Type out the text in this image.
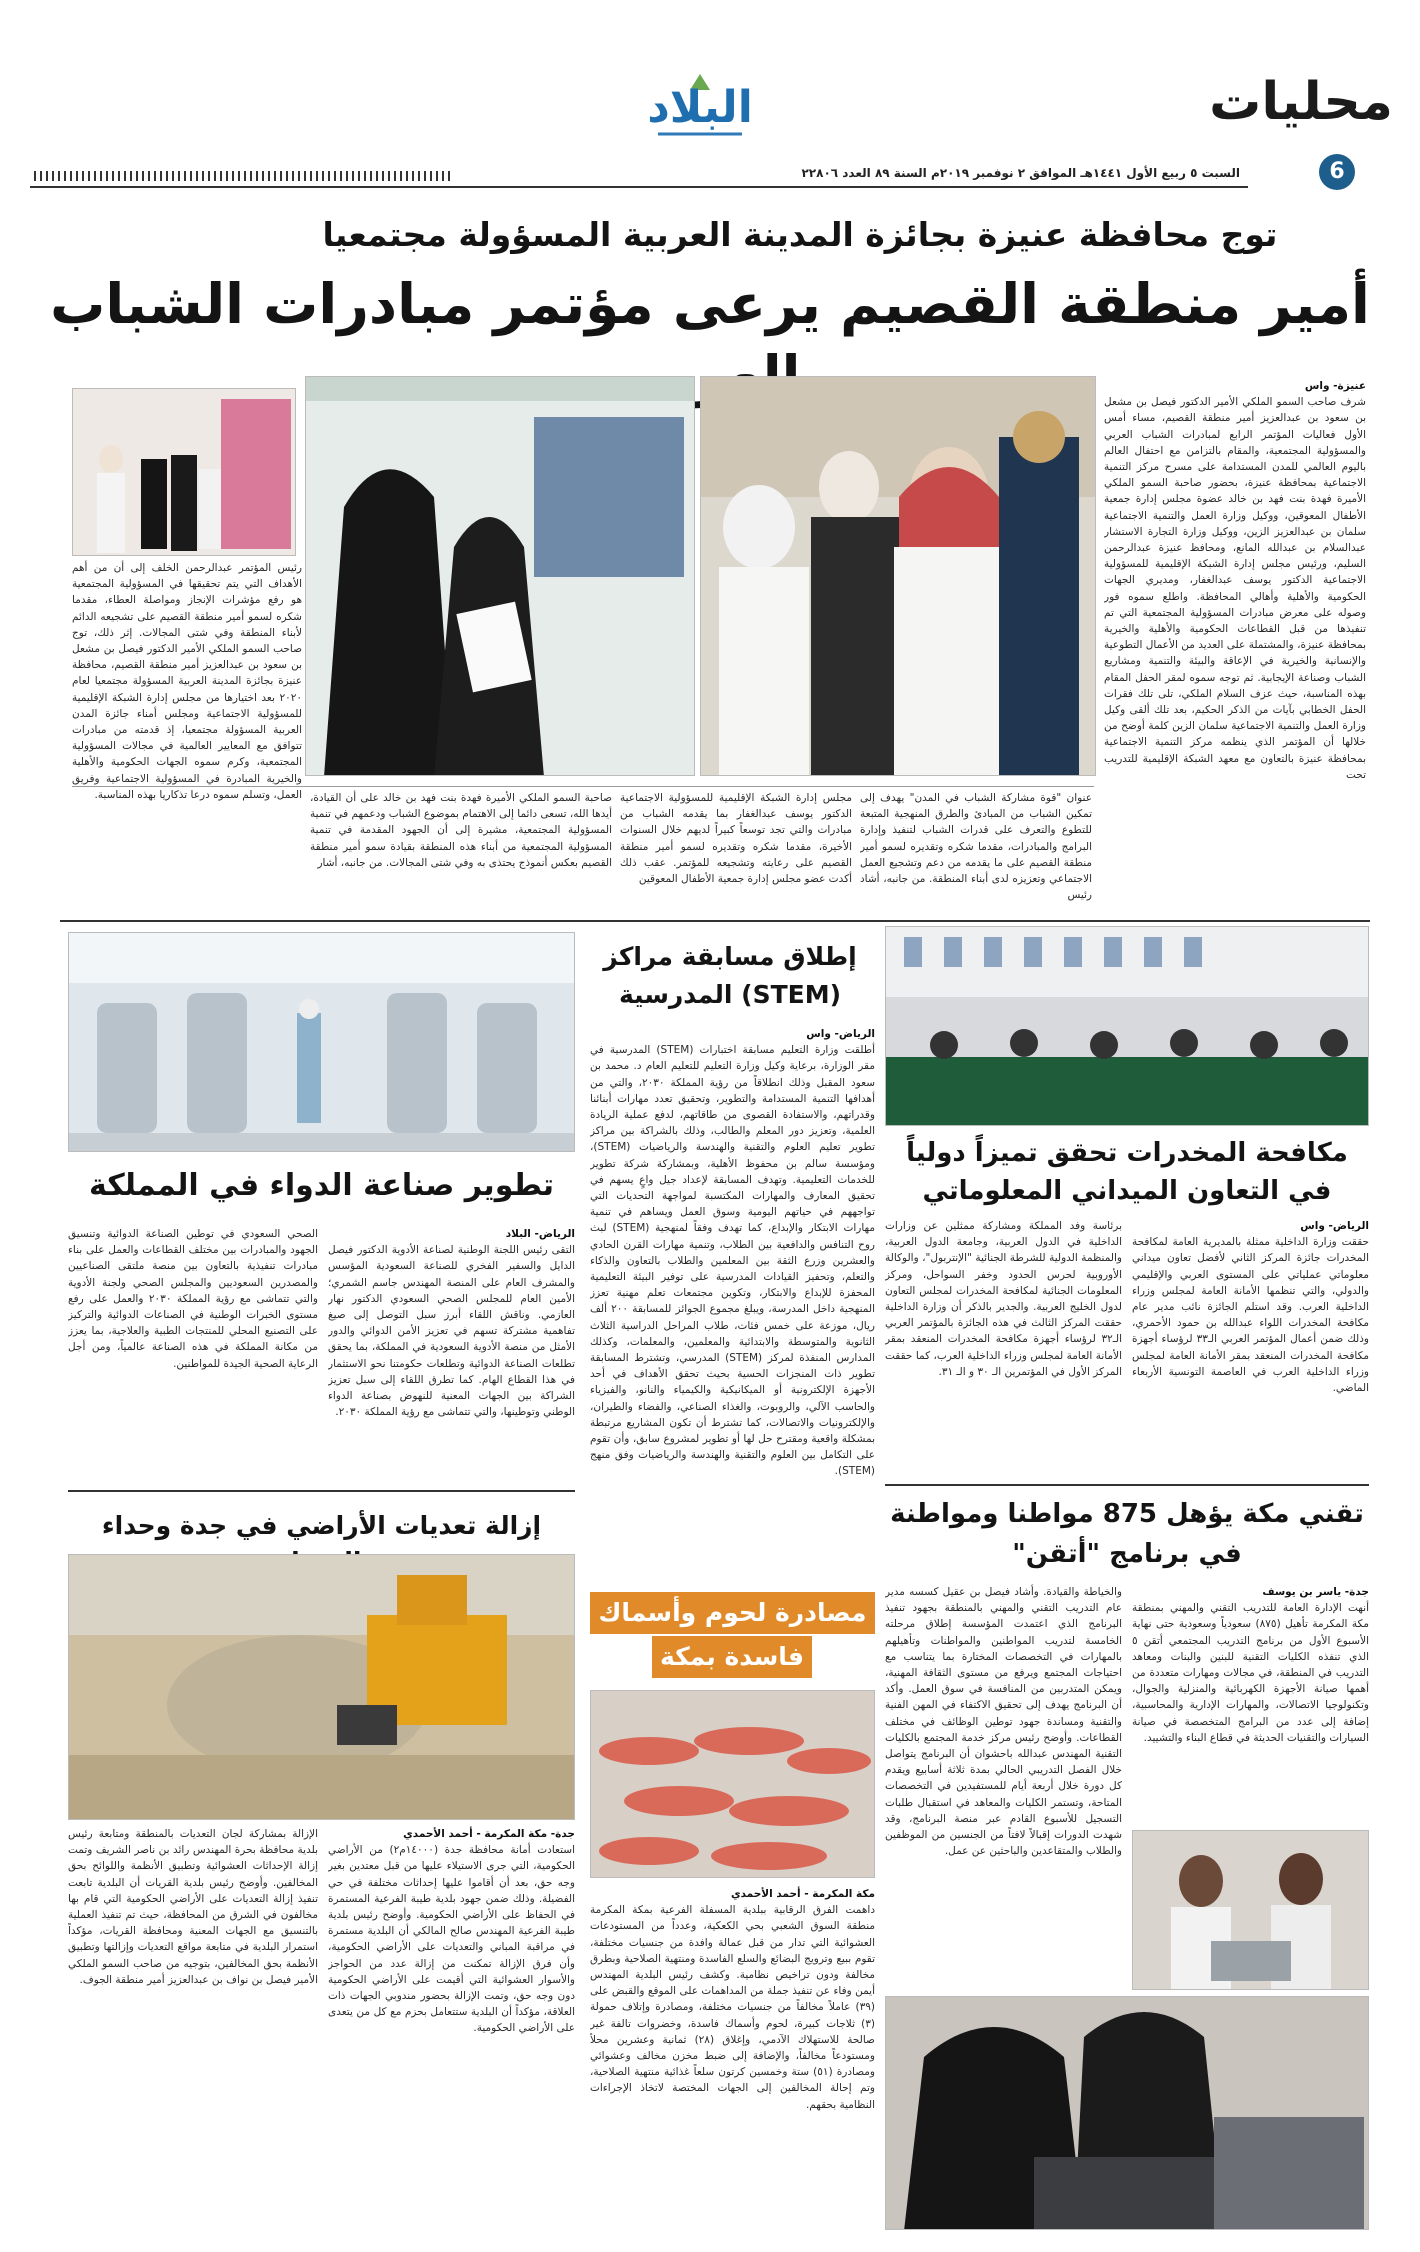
محليات
6
البلاد
السبت ٥ ربيع الأول ١٤٤١هـ الموافق ٢ نوفمبر ٢٠١٩م السنة ٨٩ العدد ٢٢٨٠٦
توج محافظة عنيزة بجائزة المدينة العربية المسؤولة مجتمعيا
أمير منطقة القصيم يرعى مؤتمر مبادرات الشباب
عنيزة- واس
شرف صاحب السمو الملكي الأمير الدكتور فيصل بن مشعل بن سعود بن عبدالعزيز أمير منطقة القصيم، مساء أمس الأول فعاليات المؤتمر الرابع لمبادرات الشباب العربي والمسؤولية المجتمعية، والمقام بالتزامن مع احتفال العالم باليوم العالمي للمدن المستدامة على مسرح مركز التنمية الاجتماعية بمحافظة عنيزة، بحضور صاحبة السمو الملكي الأميرة فهدة بنت فهد بن خالد عضوة مجلس إدارة جمعية الأطفال المعوقين، ووكيل وزارة العمل والتنمية الاجتماعية سلمان بن عبدالعزيز الزين، ووكيل وزارة التجارة الاستشار عبدالسلام بن عبدالله المانع، ومحافظ عنيزة عبدالرحمن السليم، ورئيس مجلس إدارة الشبكة الإقليمية للمسؤولية الاجتماعية الدكتور يوسف عبدالغفار، ومديري الجهات الحكومية والأهلية وأهالي المحافظة. واطلع سموه فور وصوله على معرض مبادرات المسؤولية المجتمعية التي تم تنفيذها من قبل القطاعات الحكومية والأهلية والخيرية بمحافظة عنيزة، والمشتملة على العديد من الأعمال التطوعية والإنسانية والخيرية في الإعاقة والبيئة والتنمية ومشاريع الشباب وصناعة الإيجابية. ثم توجه سموه لمقر الحفل المقام بهذه المناسبة، حيث عزف السلام الملكي، تلى تلك فقرات الحفل الخطابي بآيات من الذكر الحكيم، بعد تلك ألقى وكيل وزارة العمل والتنمية الاجتماعية سلمان الزين كلمة أوضح من خلالها أن المؤتمر الذي ينظمه مركز التنمية الاجتماعية بمحافظة عنيزة بالتعاون مع معهد الشبكة الإقليمية للتدريب تحت
عنوان "قوة مشاركة الشباب في المدن" يهدف إلى تمكين الشباب من المبادئ والطرق المنهجية المتبعة للتطوع والتعرف على قدرات الشباب لتنفيذ وإدارة البرامج والمبادرات، مقدما شكره وتقديره لسمو أمير منطقة القصيم على ما يقدمه من دعم وتشجيع العمل الاجتماعي وتعزيزه لدى أبناء المنطقة. من جانبه، أشاد رئيس
مجلس إدارة الشبكة الإقليمية للمسؤولية الاجتماعية الدكتور يوسف عبدالغفار بما يقدمه الشباب من مبادرات والتي تجد توسعاً كبيراً لديهم خلال السنوات الأخيرة، مقدما شكره وتقديره لسمو أمير منطقة القصيم على رعايته وتشجيعه للمؤتمر. عقب ذلك أكدت عضو مجلس إدارة جمعية الأطفال المعوقين
صاحبة السمو الملكي الأميرة فهدة بنت فهد بن خالد على أن القيادة، أيدها الله، تسعى دائما إلى الاهتمام بموضوع الشباب ودعمهم في تنمية المسؤولية المجتمعية، مشيرة إلى أن الجهود المقدمة في تنمية المسؤولية المجتمعية من أبناء هذه المنطقة بقيادة سمو أمير منطقة القصيم بعكس أنموذج يحتذى به وفي شتى المجالات. من جانبه، أشار
رئيس المؤتمر عبدالرحمن الخلف إلى أن من أهم الأهداف التي يتم تحقيقها في المسؤولية المجتمعية هو رفع مؤشرات الإنجاز ومواصلة العطاء، مقدما شكره لسمو أمير منطقة القصيم على تشجيعه الدائم لأبناء المنطقة وفي شتى المجالات. إثر ذلك، توج صاحب السمو الملكي الأمير الدكتور فيصل بن مشعل بن سعود بن عبدالعزيز أمير منطقة القصيم، محافظة عنيزة بجائزة المدينة العربية المسؤولة مجتمعيا لعام ٢٠٢٠ بعد اختيارها من مجلس إدارة الشبكة الإقليمية للمسؤولية الاجتماعية ومجلس أمناء جائزة المدن العربية المسؤولة مجتمعيا، إذ قدمته من مبادرات تتوافق مع المعايير العالمية في مجالات المسؤولية المجتمعية، وكرم سموه الجهات الحكومية والأهلية والخيرية المبادرة في المسؤولية الاجتماعية وفريق العمل، وتسلم سموه درعا تذكاريا بهذه المناسبة.
مكافحة المخدرات تحقق تميزاً دولياً في التعاون الميداني المعلوماتي
الرياض- واس
حققت وزارة الداخلية ممثلة بالمديرية العامة لمكافحة المخدرات جائزة المركز الثاني لأفضل تعاون ميداني معلوماتي عملياتي على المستوى العربي والإقليمي والدولي، والتي تنظمها الأمانة العامة لمجلس وزراء الداخلية العرب. وقد استلم الجائزة نائب مدير عام مكافحة المخدرات اللواء عبدالله بن حمود الأحمري، وذلك ضمن أعمال المؤتمر العربي الـ٣٣ لرؤساء أجهزة مكافحة المخدرات المنعقد بمقر الأمانة العامة لمجلس وزراء الداخلية العرب في العاصمة التونسية الأربعاء الماضي.
برئاسة وفد المملكة ومشاركة ممثلين عن وزارات الداخلية في الدول العربية، وجامعة الدول العربية، والمنظمة الدولية للشرطة الجنائية "الإنتربول"، والوكالة الأوروبية لحرس الحدود وخفر السواحل، ومركز المعلومات الجنائية لمكافحة المخدرات لمجلس التعاون لدول الخليج العربية. والجدير بالذكر أن وزارة الداخلية حققت المركز الثالث في هذه الجائزة بالمؤتمر العربي الـ٣٢ لرؤساء أجهزة مكافحة المخدرات المنعقد بمقر الأمانة العامة لمجلس وزراء الداخلية العرب، كما حققت المركز الأول في المؤتمرين الـ ٣٠ و الـ ٣١.
إطلاق مسابقة مراكز (STEM) المدرسية
الرياض- واس
أطلقت وزارة التعليم مسابقة اختبارات (STEM) المدرسية في مقر الوزارة، برعاية وكيل وزارة التعليم للتعليم العام د. محمد بن سعود المقبل وذلك انطلاقاً من رؤية المملكة ٢٠٣٠، والتي من أهدافها التنمية المستدامة والتطوير، وتحقيق تعدد مهارات أبنائنا وقدراتهم، والاستفادة القصوى من طاقاتهم، لدفع عملية الريادة العلمية، وتعزيز دور المعلم والطالب، وذلك بالشراكة بين مراكز تطوير تعليم العلوم والتقنية والهندسة والرياضيات (STEM)، ومؤسسة سالم بن محفوظ الأهلية، وبمشاركة شركة تطوير للخدمات التعليمية. وتهدف المسابقة لإعداد جيل واعٍ يسهم في تحقيق المعارف والمهارات المكتسبة لمواجهة التحديات التي تواجههم في حياتهم اليومية وسوق العمل ويساهم في تنمية مهارات الابتكار والإبداع، كما تهدف وفقاً لمنهجية (STEM) لبث روح التنافس والدافعية بين الطلاب، وتنمية مهارات القرن الحادي والعشرين وزرع الثقة بين المعلمين والطلاب بالتعاون والذكاء والتعلم، وتحفيز القيادات المدرسية على توفير البيئة التعليمية المحفزة للإبداع والابتكار، وتكوين مجتمعات تعلم مهنية تعزز المنهجية داخل المدرسة، ويبلغ مجموع الجوائز للمسابقة ٢٠٠ ألف ريال، موزعة على خمس فئات، طلاب المراحل الدراسية الثلاث الثانوية والمتوسطة والابتدائية والمعلمين، والمعلمات، وكذلك المدارس المنفذة لمركز (STEM) المدرسي، وتشترط المسابقة تطوير ذات المنجزات الحسية بحيث تحقق الأهداف في أحد الأجهزة الإلكترونية أو الميكانيكية والكيمياء والنانو، والفيزياء والحاسب الآلي، والروبوت، والغذاء الصناعي، والفضاء والطيران، والإلكترونيات والاتصالات، كما تشترط أن تكون المشاريع مرتبطة بمشكلة واقعية ومقترح حل لها أو تطوير لمشروع سابق، وأن تقوم على التكامل بين العلوم والتقنية والهندسة والرياضيات وفق منهج (STEM).
تطوير صناعة الدواء في المملكة
الرياض- البلاد
التقى رئيس اللجنة الوطنية لصناعة الأدوية الدكتور فيصل الدايل والسفير الفخري للصناعة السعودية المؤسس والمشرف العام على المنصة المهندس جاسم الشمري؛ الأمين العام للمجلس الصحي السعودي الدكتور نهار العازمي. وناقش اللقاء أبرز سبل التوصل إلى صيغ تفاهمية مشتركة تسهم في تعزيز الأمن الدوائي والدور الأمثل من منصة الأدوية السعودية في المملكة، بما يحقق تطلعات الصناعة الدوائية وتطلعات حكومتنا نحو الاستثمار في هذا القطاع الهام. كما تطرق اللقاء إلى سبل تعزيز الشراكة بين الجهات المعنية للنهوض بصناعة الدواء الوطني وتوطينها، والتي تتماشى مع رؤية المملكة ٢٠٣٠.
الصحي السعودي في توطين الصناعة الدوائية وتنسيق الجهود والمبادرات بين مختلف القطاعات والعمل على بناء مبادرات تنفيذية بالتعاون بين منصة ملتقى الصناعيين والمصدرين السعوديين والمجلس الصحي ولجنة الأدوية والتي تتماشى مع رؤية المملكة ٢٠٣٠ والعمل على رفع مستوى الخبرات الوطنية في الصناعات الدوائية والتركيز على التصنيع المحلي للمنتجات الطبية والعلاجية، بما يعزز من مكانة المملكة في هذه الصناعة عالمياً، ومن أجل الرعاية الصحية الجيدة للمواطنين.
إزالة تعديات الأراضي في جدة وحداء
جدة- مكة المكرمة - أحمد الأحمدي
استعادت أمانة محافظة جدة (١٤٠٠٠م٢) من الأراضي الحكومية، التي جرى الاستيلاء عليها من قبل معتدين بغير وجه حق، بعد أن أقاموا عليها إحداثات مختلفة في حي الفضيلة. وذلك ضمن جهود بلدية طيبة الفرعية المستمرة في الحفاظ على الأراضي الحكومية. وأوضح رئيس بلدية طيبة الفرعية المهندس صالح المالكي أن البلدية مستمرة في مراقبة المباني والتعديات على الأراضي الحكومية، وأن فرق الإزالة تمكنت من إزالة عدد من الحواجز والأسوار العشوائية التي أقيمت على الأراضي الحكومية دون وجه حق، وتمت الإزالة بحضور مندوبي الجهات ذات العلاقة، مؤكداً أن البلدية ستتعامل بحزم مع كل من يتعدى على الأراضي الحكومية.
الإزالة بمشاركة لجان التعديات بالمنطقة ومتابعة رئيس بلدية محافظة بحرة المهندس رائد بن ناصر الشريف وتمت إزالة الإحداثات العشوائية وتطبيق الأنظمة واللوائح بحق المخالفين. وأوضح رئيس بلدية القريات أن البلدية تابعت تنفيذ إزالة التعديات على الأراضي الحكومية التي قام بها مخالفون في الشرق من المحافظة، حيث تم تنفيذ العملية بالتنسيق مع الجهات المعنية ومحافظة القريات، مؤكداً استمرار البلدية في متابعة مواقع التعديات وإزالتها وتطبيق الأنظمة بحق المخالفين، بتوجيه من صاحب السمو الملكي الأمير فيصل بن نواف بن عبدالعزيز أمير منطقة الجوف.
مصادرة لحوم وأسماك
فاسدة بمكة
مكة المكرمة - أحمد الأحمدي
داهمت الفرق الرقابية ببلدية المسفلة الفرعية بمكة المكرمة منطقة السوق الشعبي بحي الكعكية، وعدداً من المستودعات العشوائية التي تدار من قبل عمالة وافدة من جنسيات مختلفة، تقوم ببيع وترويج البضائع والسلع الفاسدة ومنتهية الصلاحية وبطرق مخالفة ودون تراخيص نظامية. وكشف رئيس البلدية المهندس أيمن وفاء عن تنفيذ جملة من المداهمات على الموقع والقبض على (٣٩) عاملاً مخالفاً من جنسيات مختلفة، ومصادرة وإتلاف حمولة (٣) ثلاجات كبيرة، لحوم وأسماك فاسدة، وخضروات تالفة غير صالحة للاستهلاك الآدمي، وإغلاق (٢٨) ثمانية وعشرين محلاً ومستودعاً مخالفاً، والإضافة إلى ضبط مخزن مخالف وعشوائي ومصادرة (٥١) ستة وخمسين كرتون سلعاً غذائية منتهية الصلاحية، وتم إحالة المخالفين إلى الجهات المختصة لاتخاذ الإجراءات النظامية بحقهم.
تقني مكة يؤهل 875 مواطنا ومواطنة في برنامج "أتقن"
جدة- ياسر بن يوسف
أنهت الإدارة العامة للتدريب التقني والمهني بمنطقة مكة المكرمة تأهيل (٨٧٥) سعودياً وسعودية حتى نهاية الأسبوع الأول من برنامج التدريب المجتمعي أتقن ٥ الذي تنفذه الكليات التقنية للبنين والبنات ومعاهد التدريب في المنطقة، في مجالات ومهارات متعددة من أهمها صيانة الأجهزة الكهربائية والمنزلية والجوال، وتكنولوجيا الاتصالات، والمهارات الإدارية والمحاسبية، إضافة إلى عدد من البرامج المتخصصة في صيانة السيارات والتقنيات الحديثة في قطاع البناء والتشييد.
والخياطة والقيادة. وأشاد فيصل بن عقيل كسسه مدير عام التدريب التقني والمهني بالمنطقة بجهود تنفيذ البرنامج الذي اعتمدت المؤسسة إطلاق مرحلته الخامسة لتدريب المواطنين والمواطنات وتأهيلهم بالمهارات في التخصصات المختارة بما يتناسب مع احتياجات المجتمع ويرفع من مستوى الثقافة المهنية، ويمكن المتدربين من المنافسة في سوق العمل. وأكد أن البرنامج يهدف إلى تحقيق الاكتفاء في المهن الفنية والتقنية ومساندة جهود توطين الوظائف في مختلف القطاعات. وأوضح رئيس مركز خدمة المجتمع بالكليات التقنية المهندس عبدالله باحشوان أن البرنامج يتواصل خلال الفصل التدريبي الحالي بمدة ثلاثة أسابيع ويقدم كل دورة خلال أربعة أيام للمستفيدين في التخصصات المتاحة، وتستمر الكليات والمعاهد في استقبال طلبات التسجيل للأسبوع القادم عبر منصة البرنامج، وقد شهدت الدورات إقبالاً لافتاً من الجنسين من الموظفين والطلاب والمتقاعدين والباحثين عن عمل.
